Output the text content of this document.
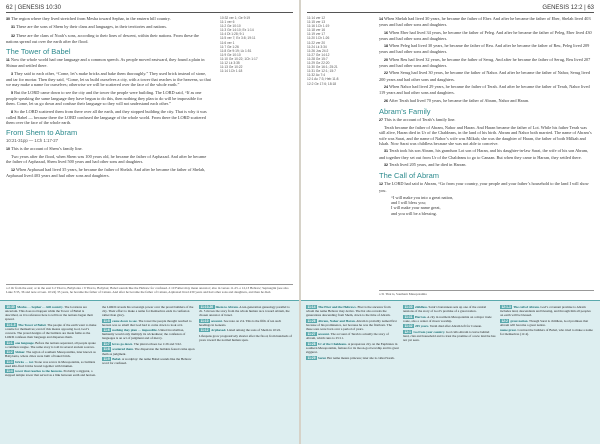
62 | GENESIS 10:30

30 The region where they lived stretched from Mesha toward Sephar, in the eastern hill country.

31 These are the sons of Shem by their clans and languages, in their territories and nations.

32 These are the clans of Noah’s sons, according to their lines of descent, within their nations. From these the nations spread out over the earth after the flood.

The Tower of Babel

11 Now the whole world had one language and a common speech. As people moved eastward, they found a plain in Shinar and settled there.

3 They said to each other, “Come, let’s make bricks and bake them thoroughly.” They used brick instead of stone, and tar for mortar. Then they said, “Come, let us build ourselves a city, with a tower that reaches to the heavens, so that we may make a name for ourselves; otherwise we will be scattered over the face of the whole earth.”

5 But the LORD came down to see the city and the tower the people were building. The LORD said, “If as one people speaking the same language they have begun to do this, then nothing they plan to do will be impossible for them. Come, let us go down and confuse their language so they will not understand each other.”

8 So the LORD scattered them from there over all the earth, and they stopped building the city. That is why it was called Babel — because there the LORD confused the language of the whole world. From there the LORD scattered them over the face of the whole earth.

From Shem to Abram
10:21-31pp — 1Ch 1:17-27

10 This is the account of Shem’s family line.

Two years after the flood, when Shem was 100 years old, he became the father of Arphaxad. And after he became the father of Arphaxad, Shem lived 500 years and had other sons and daughters.

12 When Arphaxad had lived 35 years, he became the father of Shelah. And after he became the father of Shelah, Arphaxad lived 403 years and had other sons and daughters.

10:32 ver 1; Ge 9:19
11:1 ver 6
11:2 Ge 10:10
11:3 Ge 14:10; Ex 1:14
11:4 Dt 1:28; 9:1
11:5 ver 7; Ex 3:8; 19:11
11:6 ver 1
11:7 Ge 1:26
11:8 Ge 9:19; Lk 1:51
11:9 Ge 10:10
11:10 Ge 10:22; 1Ch 1:17
11:12 Lk 3:35
11:13 Ge 10:22
11:14 1Ch 1:18
a 2 Or from the east; or in the east b 2 That is, Babylonia c 9 That is, Babylon; Babel sounds like the Hebrew for confused. d 10 Father may mean ancestor; also in verses 11-25. e 12,13 Hebrew; Septuagint (see also Luke 3:35, 36 and note at Gen. 10:24) 35 years, he became the father of Cainan. And after he became the father of Cainan, Arphaxad lived 430 years and had other sons and daughters, and then he died.

10:30 Mesha … Sephar … hill country. The locations are uncertain. This does not happen while the Tower of Babel is described, as it is reference here to tell how the nations began their spread.

11:1-9 The Tower of Babel. The people of the earth want to make a name for themselves; even if this means opposing God, God’s concern. The proud designs of the builders are made futile as the LORD confuses their language and disperses them.

11:1 one language. Before the nations separated, all people spoke a common tongue. The same story is told in several ancient sources.

11:2 Shinar. The region of southern Mesopotamia, later known as Babylonia, where cities were built of baked brick.

11:3 bricks … tar. Stone was scarce in Mesopotamia, so builders used kiln-fired bricks bound together with bitumen.

11:4 tower that reaches to the heavens. Probably a ziggurat, a stepped temple tower that served as a link between earth and heaven.

the LORD reveals his sovereign power over the proud builders of the city. Their effort to make a name for themselves ends in confusion rather than glory.

11:5 came down to see. The tower the people thought reached to heaven was so small that God had to come down to look at it.

11:6 nothing they plan … impossible. United in rebellion, humanity would only multiply its wickedness; the confusion of languages is an act of judgment and of mercy.

11:7 let us go down. The plural echoes Ge 1:26 and 3:22.

11:8 scattered them. The dispersion the builders feared came upon them as judgment.

11:9 Babel. A wordplay: the name Babel sounds like the Hebrew word for confused.

11:10-26 Shem to Abram. A ten-generation genealogy parallel to ch. 5 moves the story from the whole human race toward Abram, the chosen ancestor of Israel.

11:10 account. See note on 2:4. This is the fifth of ten such headings in Genesis.

11:12 Arphaxad. Listed among the sons of Shem in 10:22.

Lifespans grow progressively shorter after the flood, from hundreds of years toward the normal human span.

GENESIS 12:2 | 63
11:14 ver 12
11:15 ver 13
11:16 1Ch 1:19
11:18 ver 16
11:19 ver 17
11:20 1Ch 1:26
11:22 ver 20
11:24 Lk 3:34
11:26 Jos 24:2
11:27 Ge 14:12
11:28 Ge 15:7
11:29 Ge 22:20
11:30 Ge 16:1; 25:21
11:31 Ge 12:1; 15:7
11:32 Ac 7:4
12:1 Ac 7:3; Heb 11:8
12:2 Ge 17:6; 18:18

14 When Shelah had lived 30 years, he became the father of Eber. And after he became the father of Eber, Shelah lived 403 years and had other sons and daughters.

16 When Eber had lived 34 years, he became the father of Peleg. And after he became the father of Peleg, Eber lived 430 years and had other sons and daughters.

18 When Peleg had lived 30 years, he became the father of Reu. And after he became the father of Reu, Peleg lived 209 years and had other sons and daughters.

20 When Reu had lived 32 years, he became the father of Serug. And after he became the father of Serug, Reu lived 207 years and had other sons and daughters.

22 When Serug had lived 30 years, he became the father of Nahor. And after he became the father of Nahor, Serug lived 200 years and had other sons and daughters.

24 When Nahor had lived 29 years, he became the father of Terah. And after he became the father of Terah, Nahor lived 119 years and had other sons and daughters.

26 After Terah had lived 70 years, he became the father of Abram, Nahor and Haran.

Abram’s Family

27 This is the account of Terah’s family line.

Terah became the father of Abram, Nahor and Haran. And Haran became the father of Lot. While his father Terah was still alive, Haran died in Ur of the Chaldeans, in the land of his birth. Abram and Nahor both married. The name of Abram’s wife was Sarai, and the name of Nahor’s wife was Milkah; she was the daughter of Haran, the father of both Milkah and Iskah. Now Sarai was childless because she was not able to conceive.

31 Terah took his son Abram, his grandson Lot son of Haran, and his daughter-in-law Sarai, the wife of his son Abram, and together they set out from Ur of the Chaldeans to go to Canaan. But when they came to Harran, they settled there.

32 Terah lived 205 years, and he died in Harran.

The Call of Abram

12 The LORD had said to Abram, “Go from your country, your people and your father’s household to the land I will show you.

“I will make you into a great nation,
and I will bless you;
I will make your name great,
and you will be a blessing.
a 31 That is, Southern Mesopotamia

11:14 The Eber and the Hebrews. Eber is the ancestor from whom the name Hebrew may derive. The list also reveals the generations descending from Shem, down to the time of Abram.

11:26 Abram, Nahor and Haran. Abram is probably named first because of his prominence, not because he was the firstborn. The three sons were born over a period of years.

11:27 account. The account of Terah is actually the story of Abram, which runs to 25:11.

11:28 Ur of the Chaldeans. A prosperous city on the Euphrates in southern Mesopotamia, famous for its moon-god worship and its great ziggurat.

11:29 Sarai. Her name means princess; later she is called Sarah.

11:30 childless. Sarai’s barrenness sets up one of the central tensions of the story of God’s promise of a great nation.

11:31 Harran. A city in northern Mesopotamia on a major trade route, also a center of moon worship.

11:32 205 years. Terah died after Abram left for Canaan.

12:1 Go from your country. God calls Abram to leave behind land, clan and household and to trust the promise of a new land he has not yet seen.

12:1-3 The call of Abram. God’s covenant promise to Abram includes land, descendants and blessing, and through him all peoples on earth will be blessed.

12:2 great nation. Though Sarai is childless, God promises that Abram will become a great nation.

name great. Contrast the builders of Babel, who tried to make a name for themselves (11:4).
